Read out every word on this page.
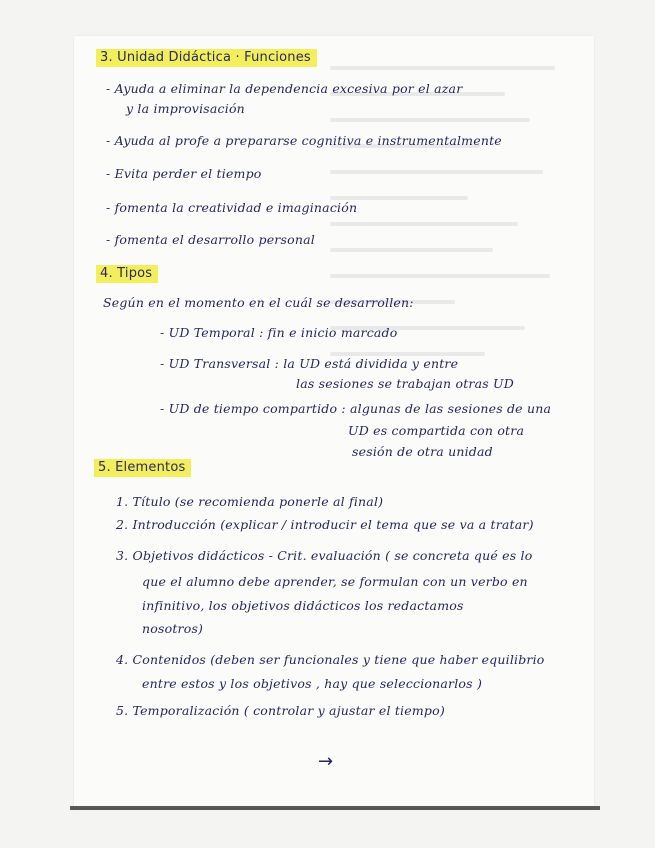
3. Unidad Didáctica · Funciones
- Ayuda a eliminar la dependencia excesiva por el azar
y la improvisación
- Ayuda al profe a prepararse cognitiva e instrumentalmente
- Evita perder el tiempo
- fomenta la creatividad e imaginación
- fomenta el desarrollo personal
4. Tipos
Según en el momento en el cuál se desarrollen:
- UD Temporal : fin e inicio marcado
- UD Transversal : la UD está dividida y entre
las sesiones se trabajan otras UD
- UD de tiempo compartido : algunas de las sesiones de una
UD es compartida con otra
sesión de otra unidad
5. Elementos
1. Título (se recomienda ponerle al final)
2. Introducción (explicar / introducir el tema que se va a tratar)
3. Objetivos didácticos - Crit. evaluación ( se concreta qué es lo
que el alumno debe aprender, se formulan con un verbo en
infinitivo, los objetivos didácticos los redactamos
nosotros)
4. Contenidos (deben ser funcionales y tiene que haber equilibrio
entre estos y los objetivos , hay que seleccionarlos )
5. Temporalización ( controlar y ajustar el tiempo)
→
